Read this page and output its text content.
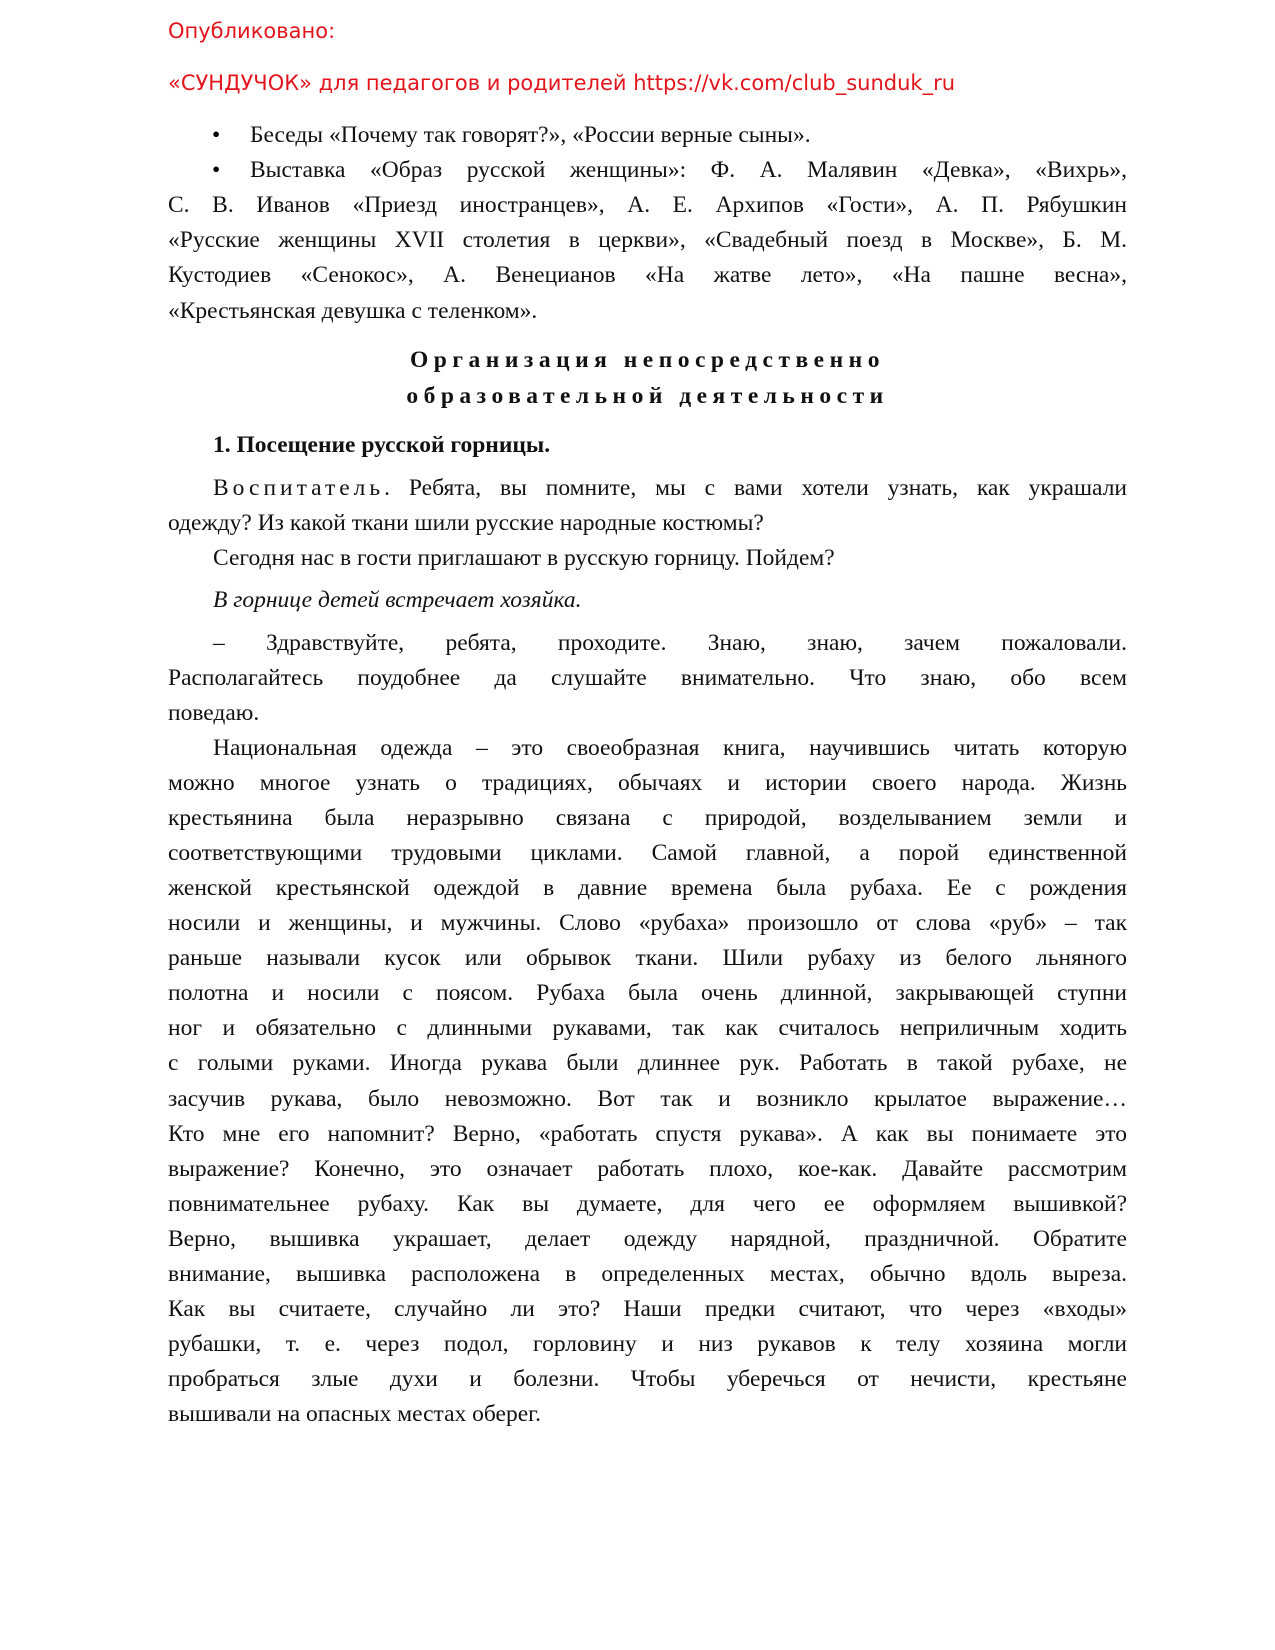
Опубликовано:
«СУНДУЧОК» для педагогов и родителей https://vk.com/club_sunduk_ru
Организация непосредственно
образовательной деятельности
1. Посещение русской горницы.
• Беседы «Почему так говорят?», «России верные сыны».
• Выставка «Образ русской женщины»: Ф. А. Малявин «Девка», «Вихрь»,
С. В. Иванов «Приезд иностранцев», А. Е. Архипов «Гости», А. П. Рябушкин
«Русские женщины XVII столетия в церкви», «Свадебный поезд в Москве», Б. М.
Кустодиев «Сенокос», А. Венецианов «На жатве лето», «На пашне весна»,
«Крестьянская девушка с теленком».
Воспитатель. Ребята, вы помните, мы с вами хотели узнать, как украшали
одежду? Из какой ткани шили русские народные костюмы?
Сегодня нас в гости приглашают в русскую горницу. Пойдем?
В горнице детей встречает хозяйка.
– Здравствуйте, ребята, проходите. Знаю, знаю, зачем пожаловали.
Располагайтесь поудобнее да слушайте внимательно. Что знаю, обо всем
поведаю.
Национальная одежда – это своеобразная книга, научившись читать которую
можно многое узнать о традициях, обычаях и истории своего народа. Жизнь
крестьянина была неразрывно связана с природой, возделыванием земли и
соответствующими трудовыми циклами. Самой главной, а порой единственной
женской крестьянской одеждой в давние времена была рубаха. Ее с рождения
носили и женщины, и мужчины. Слово «рубаха» произошло от слова «руб» – так
раньше называли кусок или обрывок ткани. Шили рубаху из белого льняного
полотна и носили с поясом. Рубаха была очень длинной, закрывающей ступни
ног и обязательно с длинными рукавами, так как считалось неприличным ходить
с голыми руками. Иногда рукава были длиннее рук. Работать в такой рубахе, не
засучив рукава, было невозможно. Вот так и возникло крылатое выражение…
Кто мне его напомнит? Верно, «работать спустя рукава». А как вы понимаете это
выражение? Конечно, это означает работать плохо, кое-как. Давайте рассмотрим
повнимательнее рубаху. Как вы думаете, для чего ее оформляем вышивкой?
Верно, вышивка украшает, делает одежду нарядной, праздничной. Обратите
внимание, вышивка расположена в определенных местах, обычно вдоль выреза.
Как вы считаете, случайно ли это? Наши предки считают, что через «входы»
рубашки, т. е. через подол, горловину и низ рукавов к телу хозяина могли
пробраться злые духи и болезни. Чтобы уберечься от нечисти, крестьяне
вышивали на опасных местах оберег.
